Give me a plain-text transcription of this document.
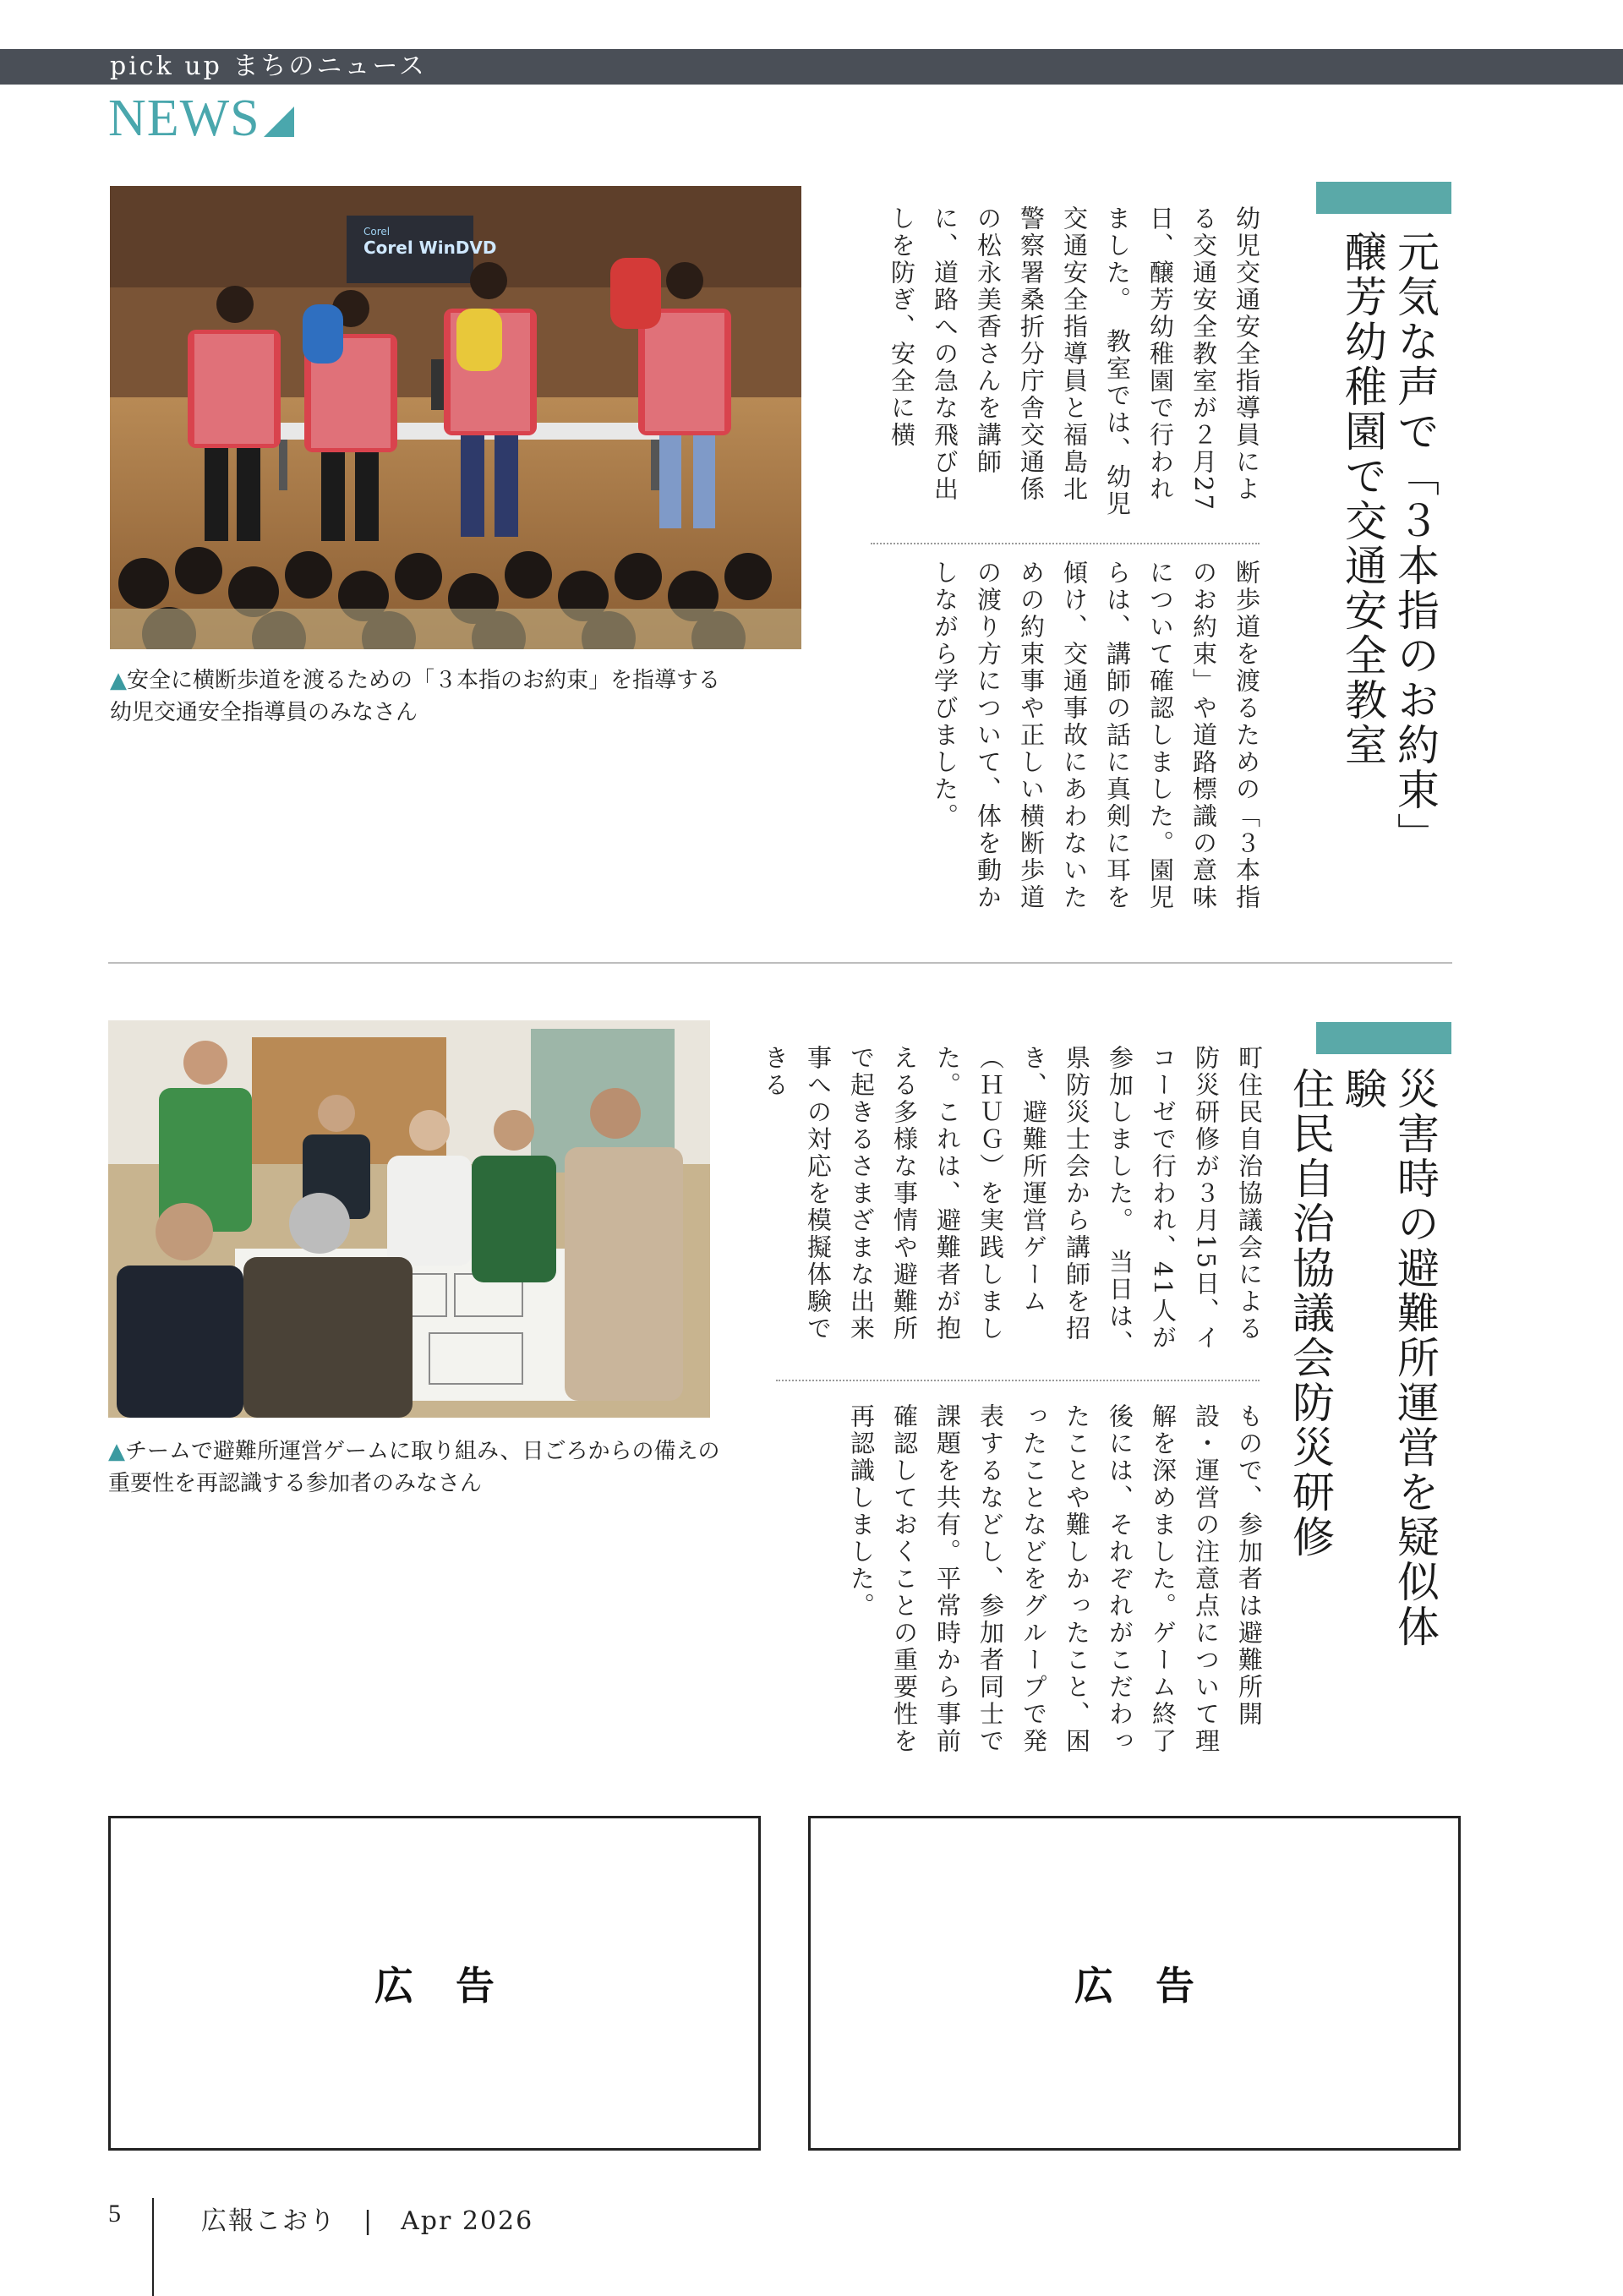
pick up まちのニュース
NEWS
元気な声で「３本指のお約束」
醸芳幼稚園で交通安全教室
幼児交通安全指導員による交通安全教室が２月27日、醸芳幼稚園で行われました。　教室では、幼児交通安全指導員と福島北警察署桑折分庁舎交通係の松永美香さんを講師に、道路への急な飛び出しを防ぎ、安全に横
断歩道を渡るための「３本指のお約束」や道路標識の意味について確認しました。園児らは、講師の話に真剣に耳を傾け、交通事故にあわないための約束事や正しい横断歩道の渡り方について、体を動かしながら学びました。
Corel
Corel WinDVD
▲安全に横断歩道を渡るための「３本指のお約束」を指導する幼児交通安全指導員のみなさん
災害時の避難所運営を疑似体験
住民自治協議会防災研修
町住民自治協議会による防災研修が３月15日、イコーゼで行われ、41人が参加しました。　当日は、県防災士会から講師を招き、避難所運営ゲーム（ＨＵＧ）を実践しました。これは、避難者が抱える多様な事情や避難所で起きるさまざまな出来事への対応を模擬体験できる
もので、参加者は避難所開設・運営の注意点について理解を深めました。ゲーム終了後には、それぞれがこだわったことや難しかったこと、困ったことなどをグループで発表するなどし、参加者同士で課題を共有。平常時から事前確認しておくことの重要性を再認識しました。
▲チームで避難所運営ゲームに取り組み、日ごろからの備えの重要性を再認識する参加者のみなさん
広告	広告
5	広報こおり　|　Apr 2026
